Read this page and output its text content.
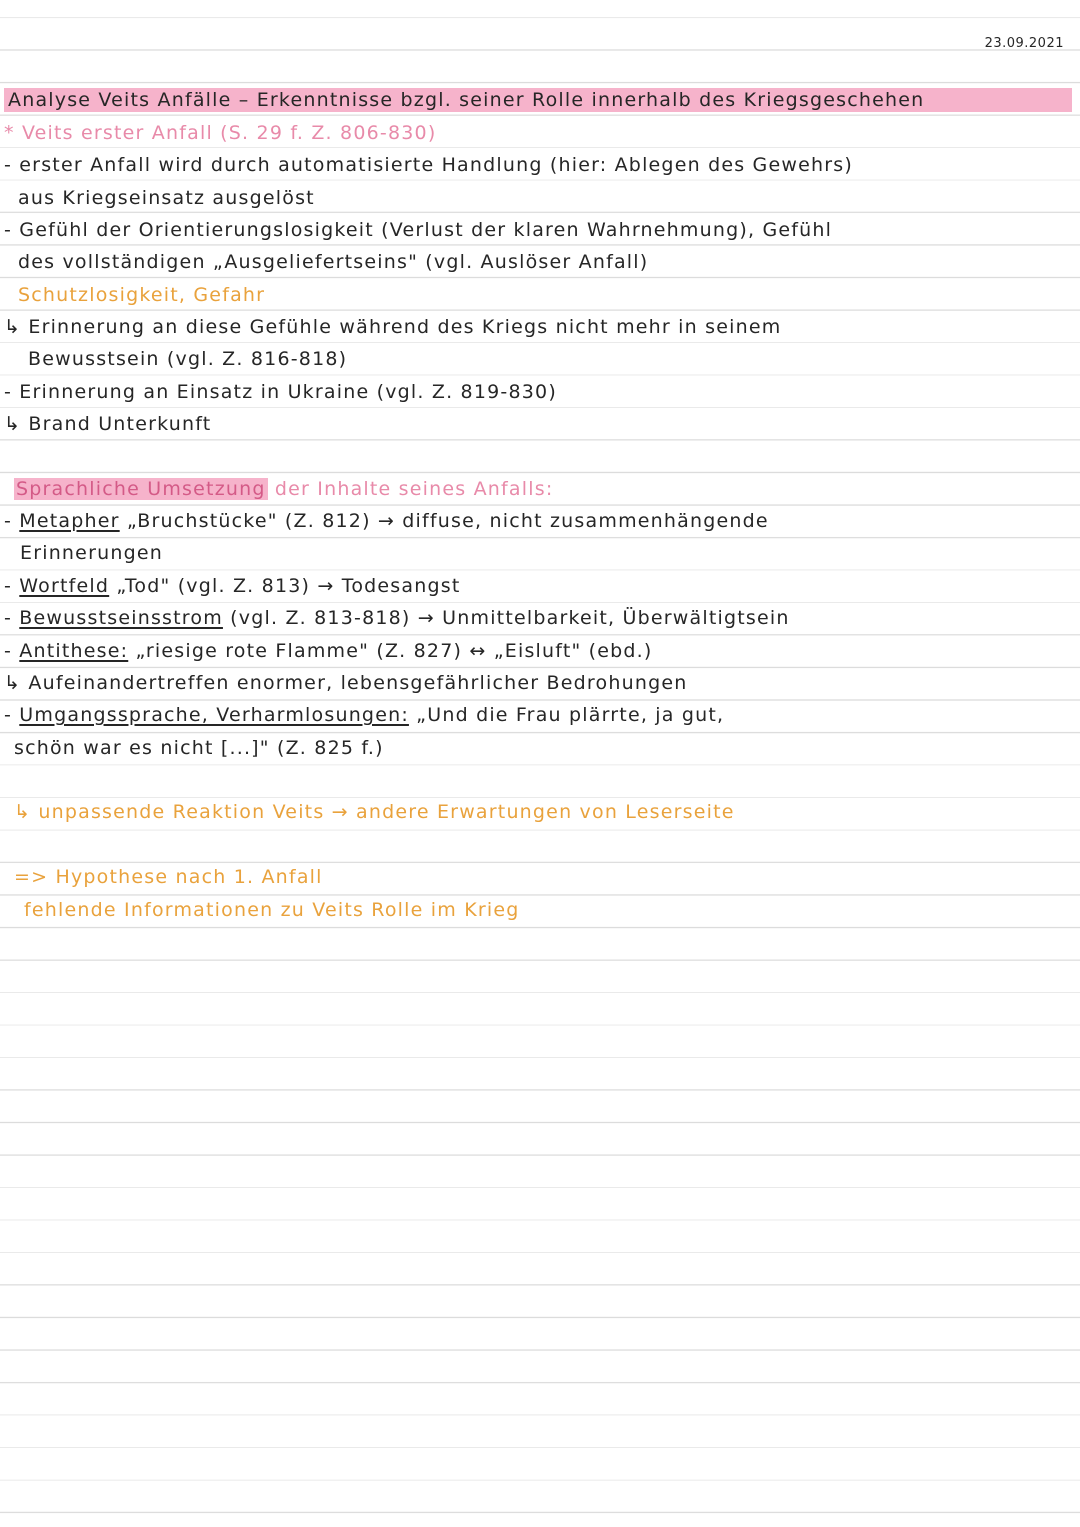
23.09.2021
Analyse Veits Anfälle – Erkenntnisse bzgl. seiner Rolle innerhalb des Kriegsgeschehen
* Veits erster Anfall (S. 29 f. Z. 806-830)
- erster Anfall wird durch automatisierte Handlung (hier: Ablegen des Gewehrs)
aus Kriegseinsatz ausgelöst
- Gefühl der Orientierungslosigkeit (Verlust der klaren Wahrnehmung), Gefühl
des vollständigen „Ausgeliefertseins" (vgl. Auslöser Anfall)
Schutzlosigkeit, Gefahr
↳ Erinnerung an diese Gefühle während des Kriegs nicht mehr in seinem
Bewusstsein (vgl. Z. 816-818)
- Erinnerung an Einsatz in Ukraine (vgl. Z. 819-830)
↳ Brand Unterkunft
Sprachliche Umsetzung der Inhalte seines Anfalls:
- Metapher „Bruchstücke" (Z. 812) → diffuse, nicht zusammenhängende
Erinnerungen
- Wortfeld „Tod" (vgl. Z. 813) → Todesangst
- Bewusstseinsstrom (vgl. Z. 813-818) → Unmittelbarkeit, Überwältigtsein
- Antithese: „riesige rote Flamme" (Z. 827) ↔ „Eisluft" (ebd.)
↳ Aufeinandertreffen enormer, lebensgefährlicher Bedrohungen
- Umgangssprache, Verharmlosungen: „Und die Frau plärrte, ja gut,
schön war es nicht [...]" (Z. 825 f.)
↳ unpassende Reaktion Veits → andere Erwartungen von Leserseite
=> Hypothese nach 1. Anfall
fehlende Informationen zu Veits Rolle im Krieg
